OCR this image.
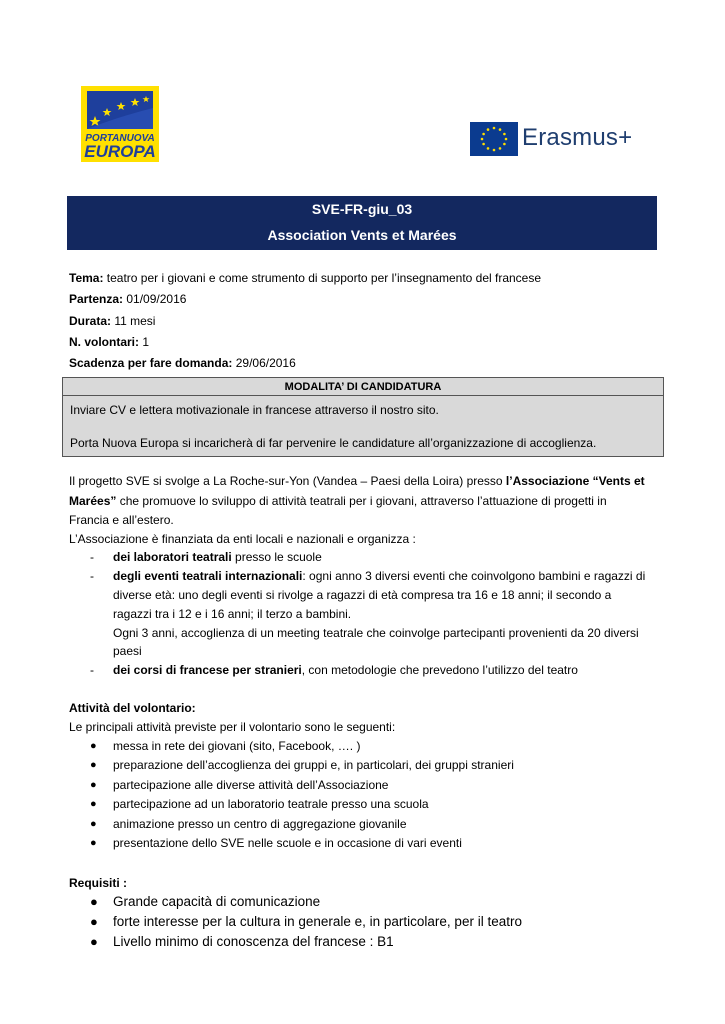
PORTANUOVA
EUROPA
Erasmus+
SVE-FR-giu_03
Association Vents et Marées
Tema: teatro per i giovani e come strumento di supporto per l’insegnamento del francese
Partenza: 01/09/2016
Durata: 11 mesi
N. volontari: 1
Scadenza per fare domanda: 29/06/2016
MODALITA’ DI CANDIDATURA
Inviare CV e lettera motivazionale in francese attraverso il nostro sito.
Porta Nuova Europa si incaricherà di far pervenire le candidature all’organizzazione di accoglienza.
Il progetto SVE si svolge a La Roche-sur-Yon (Vandea – Paesi della Loira) presso l’Associazione “Vents et
Marées” che promuove lo sviluppo di attività teatrali per i giovani, attraverso l’attuazione di progetti in
Francia e all’estero.
L’Associazione è finanziata da enti locali e nazionali e organizza :
- dei laboratori teatrali presso le scuole
- degli eventi teatrali internazionali: ogni anno 3 diversi eventi che coinvolgono bambini e ragazzi di
diverse età: uno degli eventi si rivolge a ragazzi di età compresa tra 16 e 18 anni; il secondo a
ragazzi tra i 12 e i 16 anni; il terzo a bambini.
Ogni 3 anni, accoglienza di un meeting teatrale che coinvolge partecipanti provenienti da 20 diversi
paesi
- dei corsi di francese per stranieri, con metodologie che prevedono l’utilizzo del teatro
Attività del volontario:
Le principali attività previste per il volontario sono le seguenti:
● messa in rete dei giovani (sito, Facebook, …. )
● preparazione dell’accoglienza dei gruppi e, in particolari, dei gruppi stranieri
● partecipazione alle diverse attività dell’Associazione
● partecipazione ad un laboratorio teatrale presso una scuola
● animazione presso un centro di aggregazione giovanile
● presentazione dello SVE nelle scuole e in occasione di vari eventi
Requisiti :
● Grande capacità di comunicazione
● forte interesse per la cultura in generale e, in particolare, per il teatro
● Livello minimo di conoscenza del francese : B1
